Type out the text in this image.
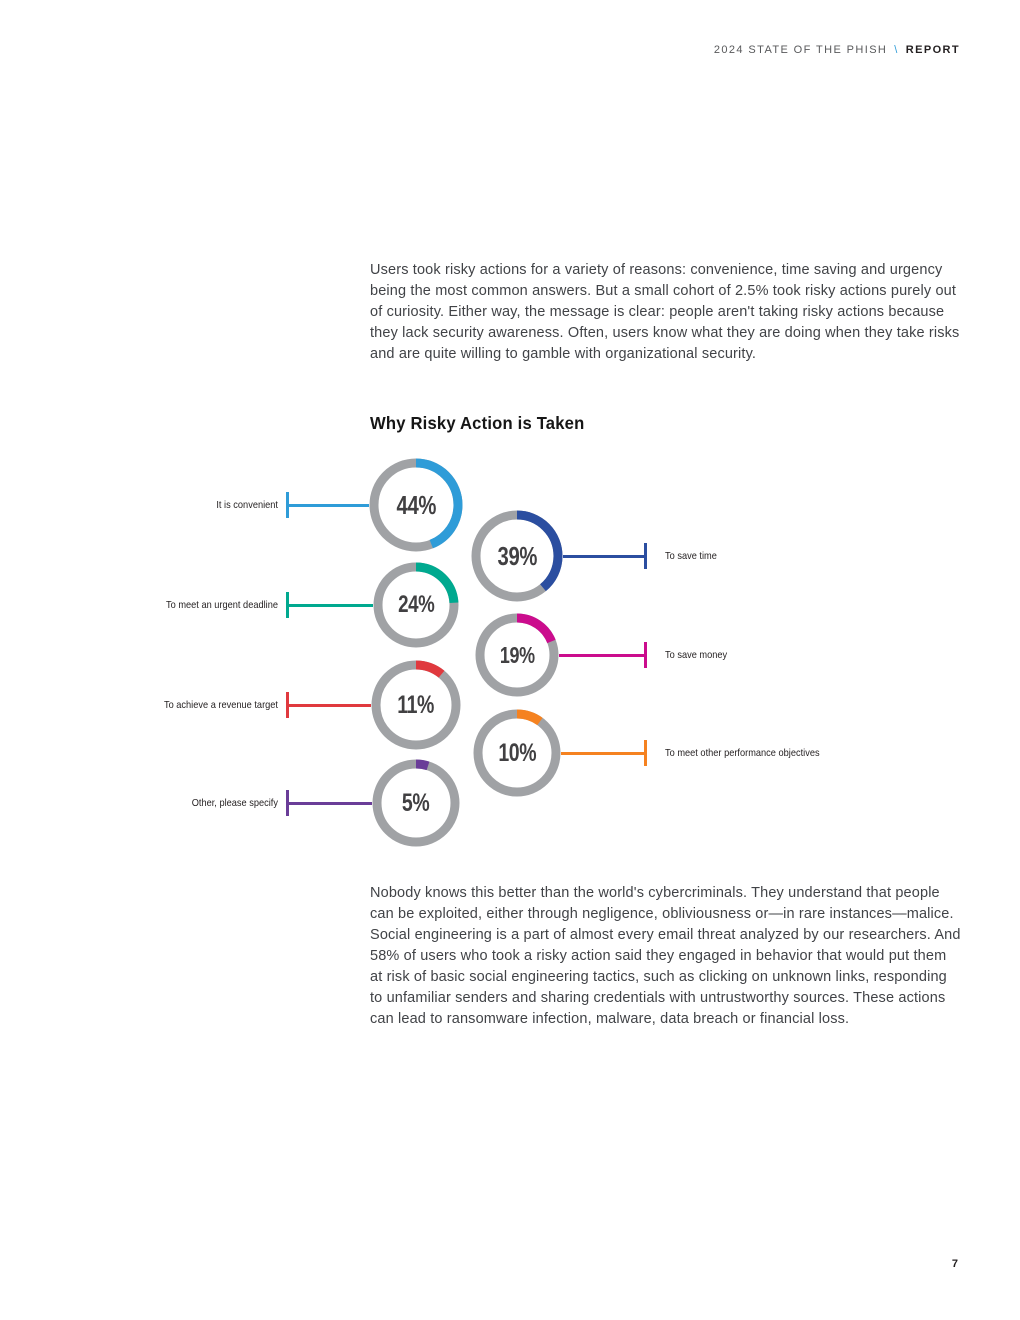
2024 STATE OF THE PHISH \ REPORT

Users took risky actions for a variety of reasons: convenience, time saving and urgency being the most common answers. But a small cohort of 2.5% took risky actions purely out of curiosity. Either way, the message is clear: people aren't taking risky actions because they lack security awareness. Often, users know what they are doing when they take risks and are quite willing to gamble with organizational security.

Why Risky Action is Taken
44%
It is convenient
39%	To save time
24%
To meet an urgent deadline
19%	To save money
11%
To achieve a revenue target
10%	To meet other performance objectives
5%
Other, please specify

Nobody knows this better than the world's cybercriminals. They understand that people can be exploited, either through negligence, obliviousness or—in rare instances—malice. Social engineering is a part of almost every email threat analyzed by our researchers. And 58% of users who took a risky action said they engaged in behavior that would put them at risk of basic social engineering tactics, such as clicking on unknown links, responding to unfamiliar senders and sharing credentials with untrustworthy sources. These actions can lead to ransomware infection, malware, data breach or financial loss.

7
